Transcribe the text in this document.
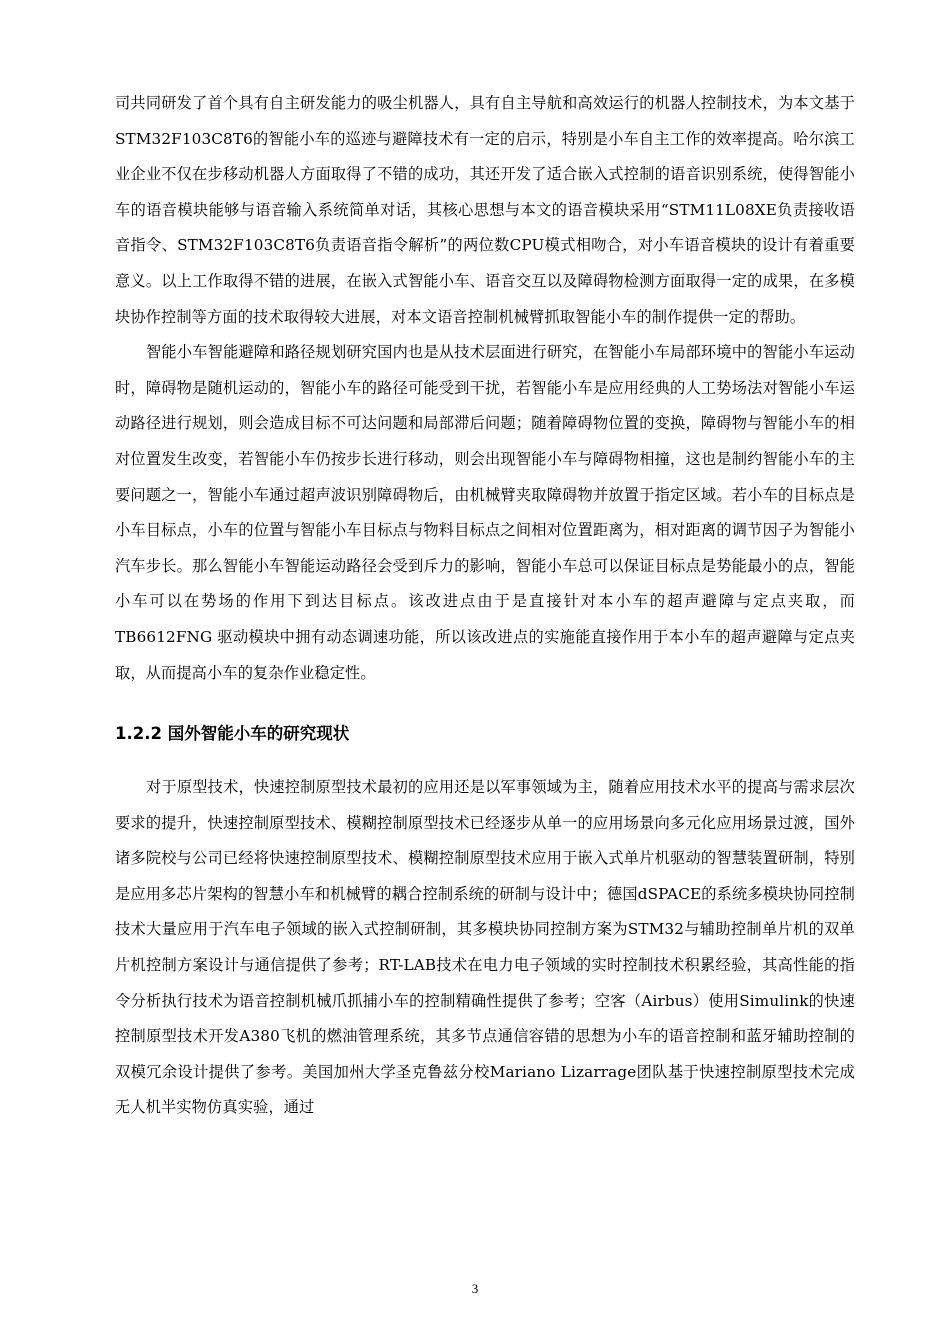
司共同研发了首个具有自主研发能力的吸尘机器人，具有自主导航和高效运行的机器人控制技术，为本文基于STM32F103C8T6的智能小车的巡迹与避障技术有一定的启示，特别是小车自主工作的效率提高。哈尔滨工业企业不仅在步移动机器人方面取得了不错的成功，其还开发了适合嵌入式控制的语音识别系统，使得智能小车的语音模块能够与语音输入系统简单对话，其核心思想与本文的语音模块采用“STM11L08XE负责接收语音指令、STM32F103C8T6负责语音指令解析”的两位数CPU模式相吻合，对小车语音模块的设计有着重要意义。以上工作取得不错的进展，在嵌入式智能小车、语音交互以及障碍物检测方面取得一定的成果，在多模块协作控制等方面的技术取得较大进展，对本文语音控制机械臂抓取智能小车的制作提供一定的帮助。

智能小车智能避障和路径规划研究国内也是从技术层面进行研究，在智能小车局部环境中的智能小车运动时，障碍物是随机运动的，智能小车的路径可能受到干扰，若智能小车是应用经典的人工势场法对智能小车运动路径进行规划，则会造成目标不可达问题和局部滞后问题；随着障碍物位置的变换，障碍物与智能小车的相对位置发生改变，若智能小车仍按步长进行移动，则会出现智能小车与障碍物相撞，这也是制约智能小车的主要问题之一，智能小车通过超声波识别障碍物后，由机械臂夹取障碍物并放置于指定区域。若小车的目标点是小车目标点，小车的位置与智能小车目标点与物料目标点之间相对位置距离为，相对距离的调节因子为智能小汽车步长。那么智能小车智能运动路径会受到斥力的影响，智能小车总可以保证目标点是势能最小的点，智能小车可以在势场的作用下到达目标点。该改进点由于是直接针对本小车的超声避障与定点夹取，而 TB6612FNG 驱动模块中拥有动态调速功能，所以该改进点的实施能直接作用于本小车的超声避障与定点夹取，从而提高小车的复杂作业稳定性。

1.2.2 国外智能小车的研究现状

对于原型技术，快速控制原型技术最初的应用还是以军事领域为主，随着应用技术水平的提高与需求层次要求的提升，快速控制原型技术、模糊控制原型技术已经逐步从单一的应用场景向多元化应用场景过渡，国外诸多院校与公司已经将快速控制原型技术、模糊控制原型技术应用于嵌入式单片机驱动的智慧装置研制，特别是应用多芯片架构的智慧小车和机械臂的耦合控制系统的研制与设计中；德国dSPACE的系统多模块协同控制技术大量应用于汽车电子领域的嵌入式控制研制，其多模块协同控制方案为STM32与辅助控制单片机的双单片机控制方案设计与通信提供了参考；RT-LAB技术在电力电子领域的实时控制技术积累经验，其高性能的指令分析执行技术为语音控制机械爪抓捕小车的控制精确性提供了参考；空客（Airbus）使用Simulink的快速控制原型技术开发A380飞机的燃油管理系统，其多节点通信容错的思想为小车的语音控制和蓝牙辅助控制的双模冗余设计提供了参考。美国加州大学圣克鲁兹分校Mariano Lizarrage团队基于快速控制原型技术完成无人机半实物仿真实验，通过

3
